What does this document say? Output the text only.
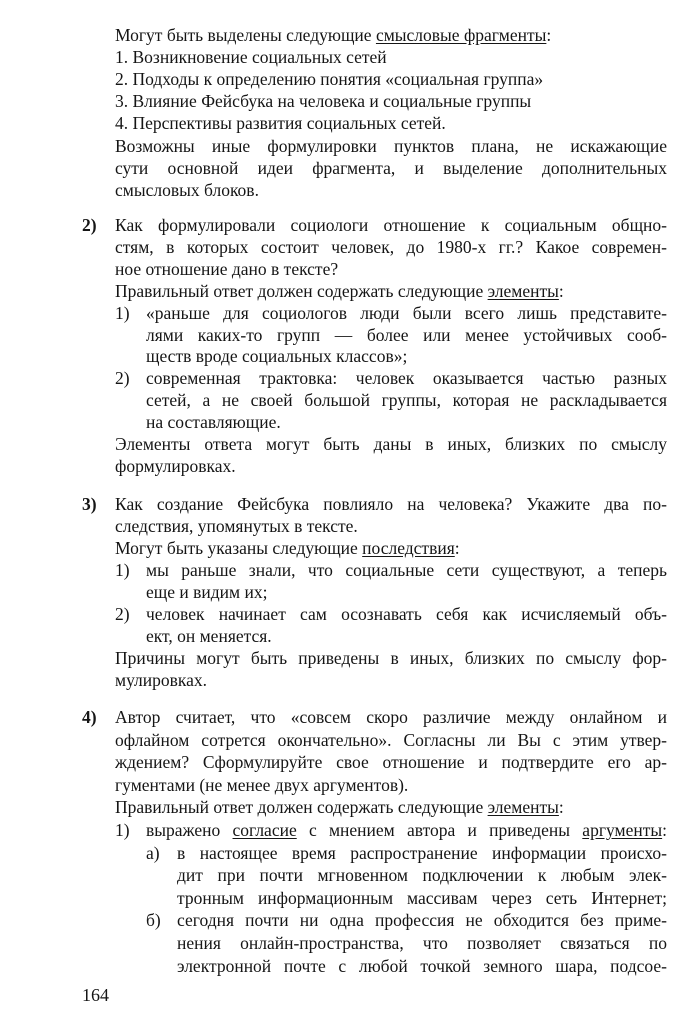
Могут быть выделены следующие смысловые фрагменты:
1. Возникновение социальных сетей
2. Подходы к определению понятия «социальная группа»
3. Влияние Фейсбука на человека и социальные группы
4. Перспективы развития социальных сетей.
Возможны иные формулировки пунктов плана, не искажающие
сути основной идеи фрагмента, и выделение дополнительных
смысловых блоков.
2) Как формулировали социологи отношение к социальным общно-
стям, в которых состоит человек, до 1980-х гг.? Какое современ-
ное отношение дано в тексте?
Правильный ответ должен содержать следующие элементы:
1) «раньше для социологов люди были всего лишь представите-
лями каких-то групп — более или менее устойчивых сооб-
ществ вроде социальных классов»;
2) современная трактовка: человек оказывается частью разных
сетей, а не своей большой группы, которая не раскладывается
на составляющие.
Элементы ответа могут быть даны в иных, близких по смыслу
формулировках.
3) Как создание Фейсбука повлияло на человека? Укажите два по-
следствия, упомянутых в тексте.
Могут быть указаны следующие последствия:
1) мы раньше знали, что социальные сети существуют, а теперь
еще и видим их;
2) человек начинает сам осознавать себя как исчисляемый объ-
ект, он меняется.
Причины могут быть приведены в иных, близких по смыслу фор-
мулировках.
4) Автор считает, что «совсем скоро различие между онлайном и
офлайном сотрется окончательно». Согласны ли Вы с этим утвер-
ждением? Сформулируйте свое отношение и подтвердите его ар-
гументами (не менее двух аргументов).
Правильный ответ должен содержать следующие элементы:
1) выражено согласие с мнением автора и приведены аргументы:
а) в настоящее время распространение информации происхо-
дит при почти мгновенном подключении к любым элек-
тронным информационным массивам через сеть Интернет;
б) сегодня почти ни одна профессия не обходится без приме-
нения онлайн-пространства, что позволяет связаться по
электронной почте с любой точкой земного шара, подсое-
164
